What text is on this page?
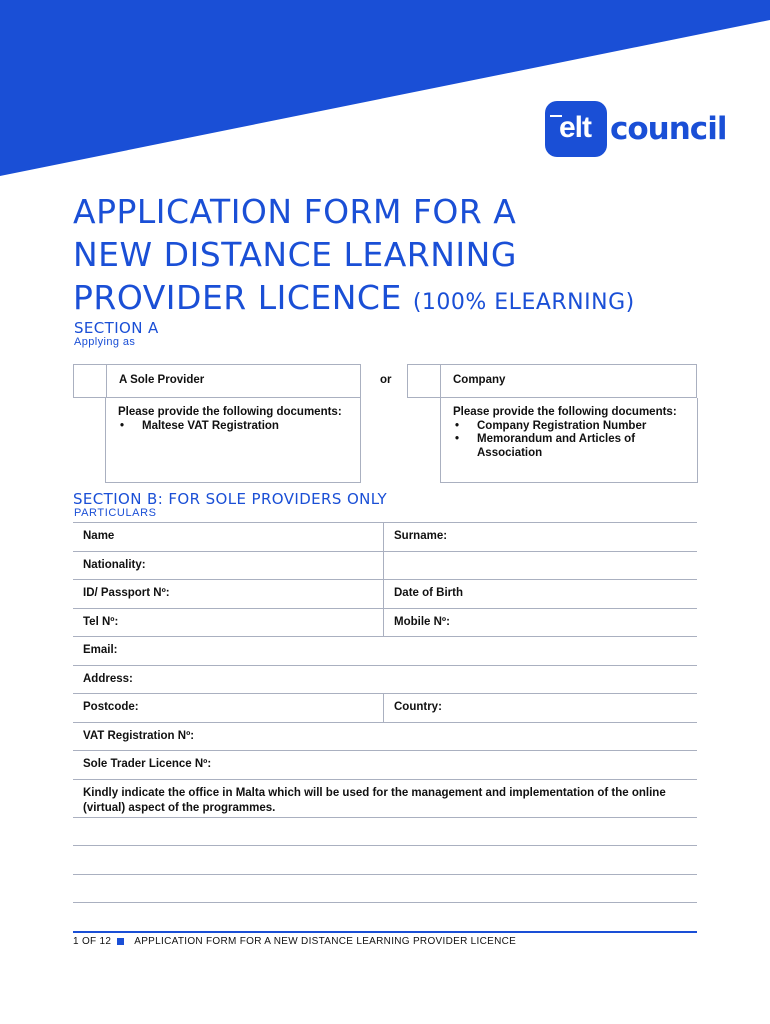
elt council
APPLICATION FORM FOR A
NEW DISTANCE LEARNING
PROVIDER LICENCE (100% ELEARNING)
SECTION A
Applying as
A Sole Provider	or	Company
Please provide the following documents:
• Maltese VAT Registration
Please provide the following documents:
• Company Registration Number
• Memorandum and Articles of Association
SECTION B: FOR SOLE PROVIDERS ONLY
PARTICULARS
Name	Surname:
Nationality:
ID/ Passport Nº:	Date of Birth
Tel Nº:	Mobile Nº:
Email:
Address:
Postcode:	Country:
VAT Registration Nº:
Sole Trader Licence Nº:
Kindly indicate the office in Malta which will be used for the management and implementation of the online (virtual) aspect of the programmes.
1 OF 12 APPLICATION FORM FOR A NEW DISTANCE LEARNING PROVIDER LICENCE
